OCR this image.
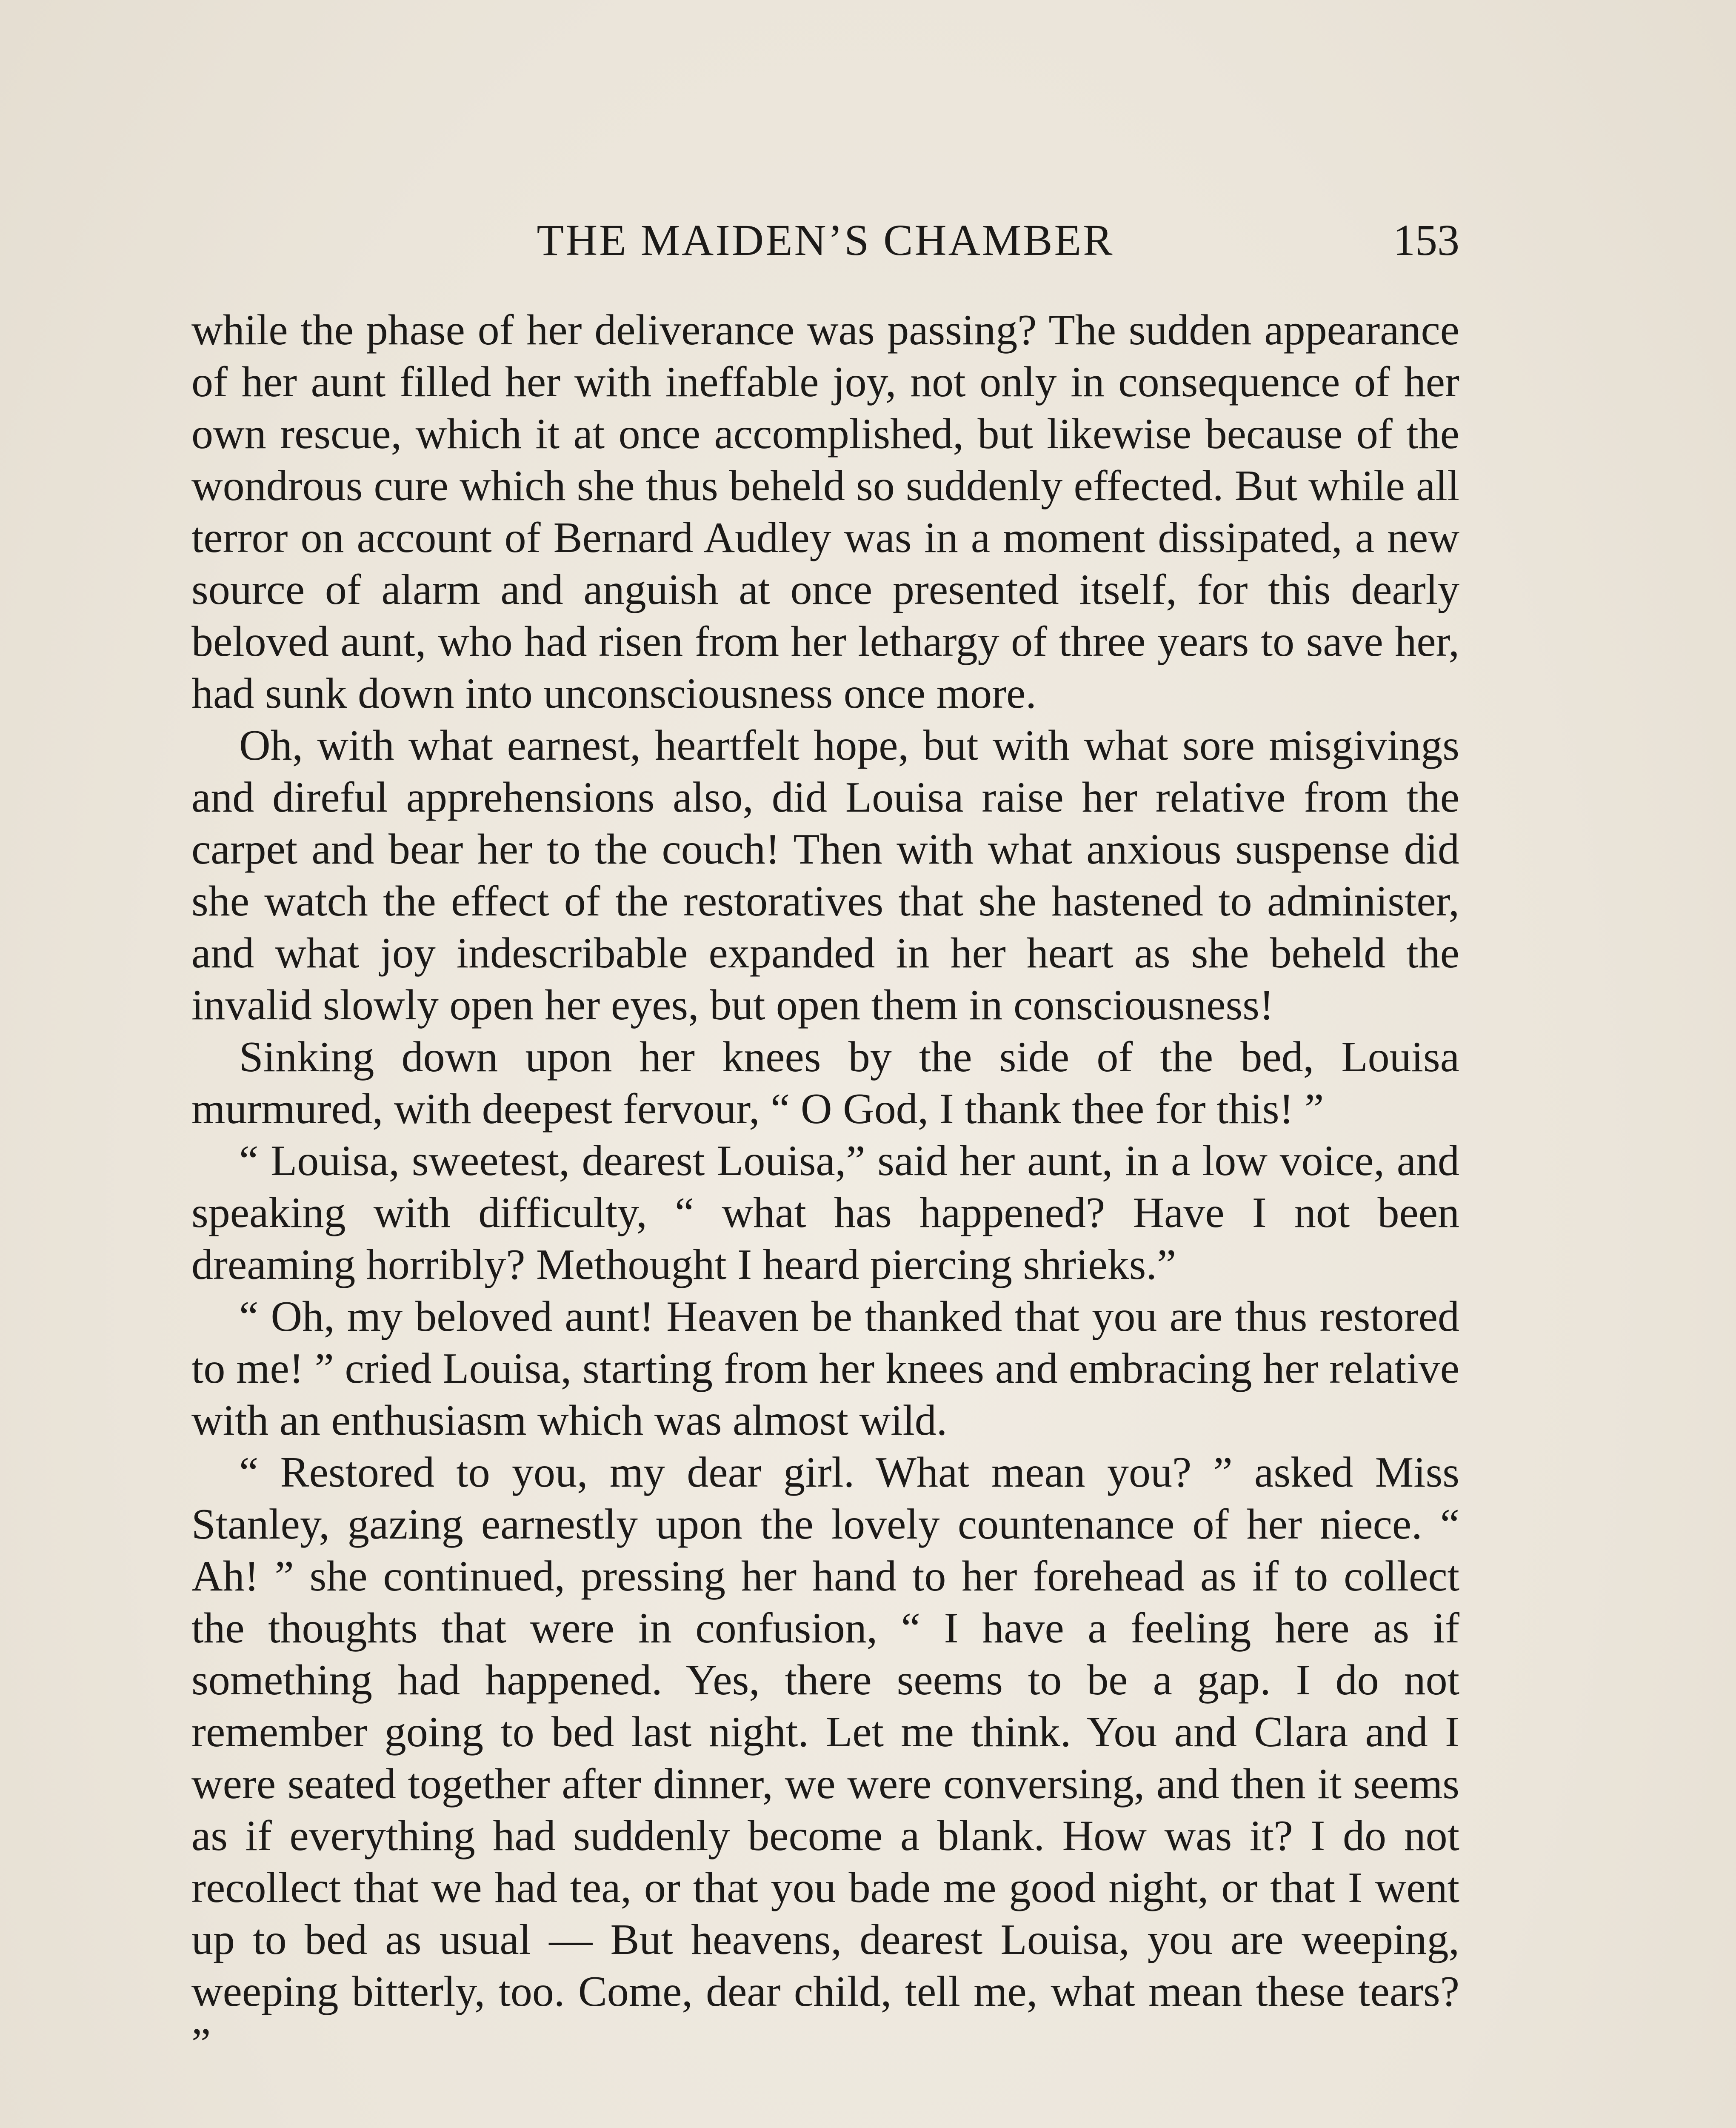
THE MAIDEN’S CHAMBER	153

while the phase of her deliverance was passing? The sudden appearance of her aunt filled her with ineffable joy, not only in consequence of her own rescue, which it at once accomplished, but likewise because of the wondrous cure which she thus beheld so suddenly effected. But while all terror on account of Bernard Audley was in a moment dissipated, a new source of alarm and anguish at once presented itself, for this dearly beloved aunt, who had risen from her lethargy of three years to save her, had sunk down into unconsciousness once more.

Oh, with what earnest, heartfelt hope, but with what sore misgivings and direful apprehensions also, did Louisa raise her relative from the carpet and bear her to the couch! Then with what anxious suspense did she watch the effect of the restoratives that she hastened to administer, and what joy indescribable expanded in her heart as she beheld the invalid slowly open her eyes, but open them in consciousness!

Sinking down upon her knees by the side of the bed, Louisa murmured, with deepest fervour, “ O God, I thank thee for this! ”

“ Louisa, sweetest, dearest Louisa,” said her aunt, in a low voice, and speaking with difficulty, “ what has happened? Have I not been dreaming horribly? Methought I heard piercing shrieks.”

“ Oh, my beloved aunt! Heaven be thanked that you are thus restored to me! ” cried Louisa, starting from her knees and embracing her relative with an enthusiasm which was almost wild.

“ Restored to you, my dear girl. What mean you? ” asked Miss Stanley, gazing earnestly upon the lovely countenance of her niece. “ Ah! ” she continued, pressing her hand to her forehead as if to collect the thoughts that were in confusion, “ I have a feeling here as if something had happened. Yes, there seems to be a gap. I do not remember going to bed last night. Let me think. You and Clara and I were seated together after dinner, we were conversing, and then it seems as if everything had suddenly become a blank. How was it? I do not recollect that we had tea, or that you bade me good night, or that I went up to bed as usual — But heavens, dearest Louisa, you are weeping, weeping bitterly, too. Come, dear child, tell me, what mean these tears? ”
